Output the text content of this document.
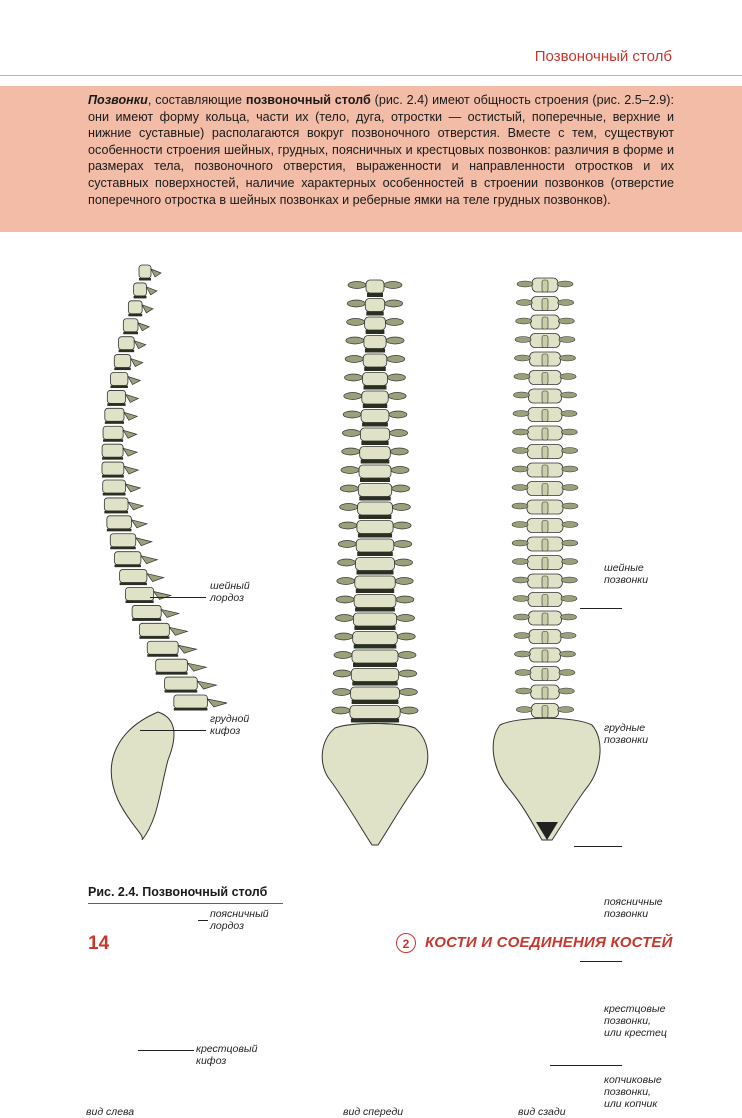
Позвоночный столб
Позвонки, составляющие позвоночный столб (рис. 2.4) имеют общность строения (рис. 2.5–2.9): они имеют форму кольца, части их (тело, дуга, отростки — остистый, поперечные, верхние и нижние суставные) располагаются вокруг позвоночного отверстия. Вместе с тем, существуют особенности строения шейных, грудных, поясничных и крестцовых позвонков: различия в форме и размерах тела, позвоночного отверстия, выраженности и направленности отростков и их суставных поверхностей, наличие характерных особенностей в строении позвонков (отверстие поперечного отростка в шейных позвонках и реберные ямки на теле грудных позвонков).
шейный
лордоз
грудной
кифоз
поясничный
лордоз
крестцовый
кифоз
шейные
позвонки
грудные
позвонки
поясничные
позвонки
крестцовые
позвонки,
или крестец
копчиковые
позвонки,
или копчик
вид слева	вид спереди	вид сзади
Рис. 2.4. Позвоночный столб
14	2	КОСТИ И СОЕДИНЕНИЯ КОСТЕЙ
